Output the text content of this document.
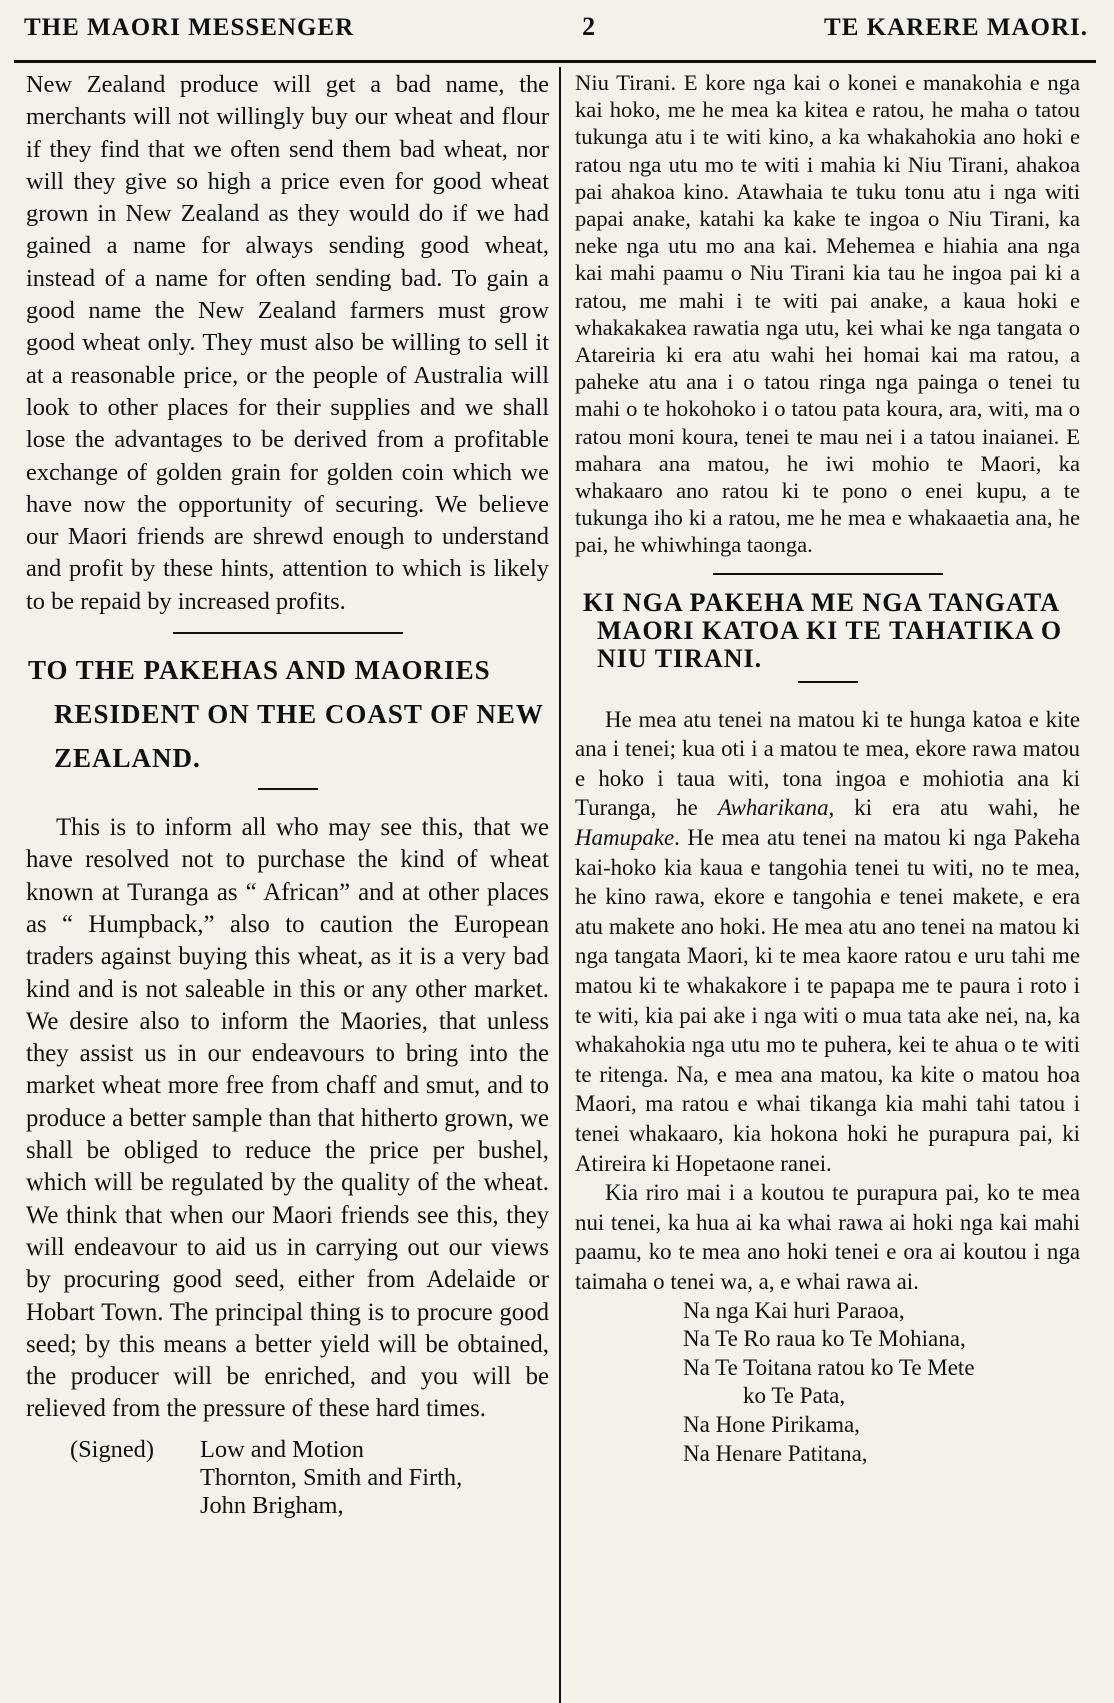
THE MAORI MESSENGER	2	TE KARERE MAORI.

New Zealand produce will get a bad name, the merchants will not willingly buy our wheat and flour if they find that we often send them bad wheat, nor will they give so high a price even for good wheat grown in New Zealand as they would do if we had gained a name for always sending good wheat, instead of a name for often sending bad. To gain a good name the New Zealand farmers must grow good wheat only. They must also be willing to sell it at a reasonable price, or the people of Australia will look to other places for their supplies and we shall lose the advantages to be derived from a profitable exchange of golden grain for golden coin which we have now the opportunity of securing. We believe our Maori friends are shrewd enough to understand and profit by these hints, attention to which is likely to be repaid by increased profits.

TO THE PAKEHAS AND MAORIES RESIDENT ON THE COAST OF NEW ZEALAND.

This is to inform all who may see this, that we have resolved not to purchase the kind of wheat known at Turanga as “ African” and at other places as “ Humpback,” also to caution the European traders against buying this wheat, as it is a very bad kind and is not saleable in this or any other market. We desire also to inform the Maories, that unless they assist us in our endeavours to bring into the market wheat more free from chaff and smut, and to produce a better sample than that hitherto grown, we shall be obliged to reduce the price per bushel, which will be regulated by the quality of the wheat. We think that when our Maori friends see this, they will endeavour to aid us in carrying out our views by procuring good seed, either from Adelaide or Hobart Town. The principal thing is to procure good seed; by this means a better yield will be obtained, the producer will be enriched, and you will be relieved from the pressure of these hard times.

(Signed)	Low and Motion
Thornton, Smith and Firth,
John Brigham,

Niu Tirani. E kore nga kai o konei e manakohia e nga kai hoko, me he mea ka kitea e ratou, he maha o tatou tukunga atu i te witi kino, a ka whakahokia ano hoki e ratou nga utu mo te witi i mahia ki Niu Tirani, ahakoa pai ahakoa kino. Atawhaia te tuku tonu atu i nga witi papai anake, katahi ka kake te ingoa o Niu Tirani, ka neke nga utu mo ana kai. Mehemea e hiahia ana nga kai mahi paamu o Niu Tirani kia tau he ingoa pai ki a ratou, me mahi i te witi pai anake, a kaua hoki e whakakakea rawatia nga utu, kei whai ke nga tangata o Atareiria ki era atu wahi hei homai kai ma ratou, a paheke atu ana i o tatou ringa nga painga o tenei tu mahi o te hokohoko i o tatou pata koura, ara, witi, ma o ratou moni koura, tenei te mau nei i a tatou inaianei. E mahara ana matou, he iwi mohio te Maori, ka whakaaro ano ratou ki te pono o enei kupu, a te tukunga iho ki a ratou, me he mea e whakaaetia ana, he pai, he whiwhinga taonga.

KI NGA PAKEHA ME NGA TANGATA MAORI KATOA KI TE TAHATIKA O NIU TIRANI.

He mea atu tenei na matou ki te hunga katoa e kite ana i tenei; kua oti i a matou te mea, ekore rawa matou e hoko i taua witi, tona ingoa e mohiotia ana ki Turanga, he Awharikana, ki era atu wahi, he Hamupake. He mea atu tenei na matou ki nga Pakeha kai-hoko kia kaua e tangohia tenei tu witi, no te mea, he kino rawa, ekore e tangohia e tenei makete, e era atu makete ano hoki. He mea atu ano tenei na matou ki nga tangata Maori, ki te mea kaore ratou e uru tahi me matou ki te whakakore i te papapa me te paura i roto i te witi, kia pai ake i nga witi o mua tata ake nei, na, ka whakahokia nga utu mo te puhera, kei te ahua o te witi te ritenga. Na, e mea ana matou, ka kite o matou hoa Maori, ma ratou e whai tikanga kia mahi tahi tatou i tenei whakaaro, kia hokona hoki he purapura pai, ki Atireira ki Hopetaone ranei.

Kia riro mai i a koutou te purapura pai, ko te mea nui tenei, ka hua ai ka whai rawa ai hoki nga kai mahi paamu, ko te mea ano hoki tenei e ora ai koutou i nga taimaha o tenei wa, a, e whai rawa ai.

Na nga Kai huri Paraoa,
Na Te Ro raua ko Te Mohiana,
Na Te Toitana ratou ko Te Mete
ko Te Pata,
Na Hone Pirikama,
Na Henare Patitana,
